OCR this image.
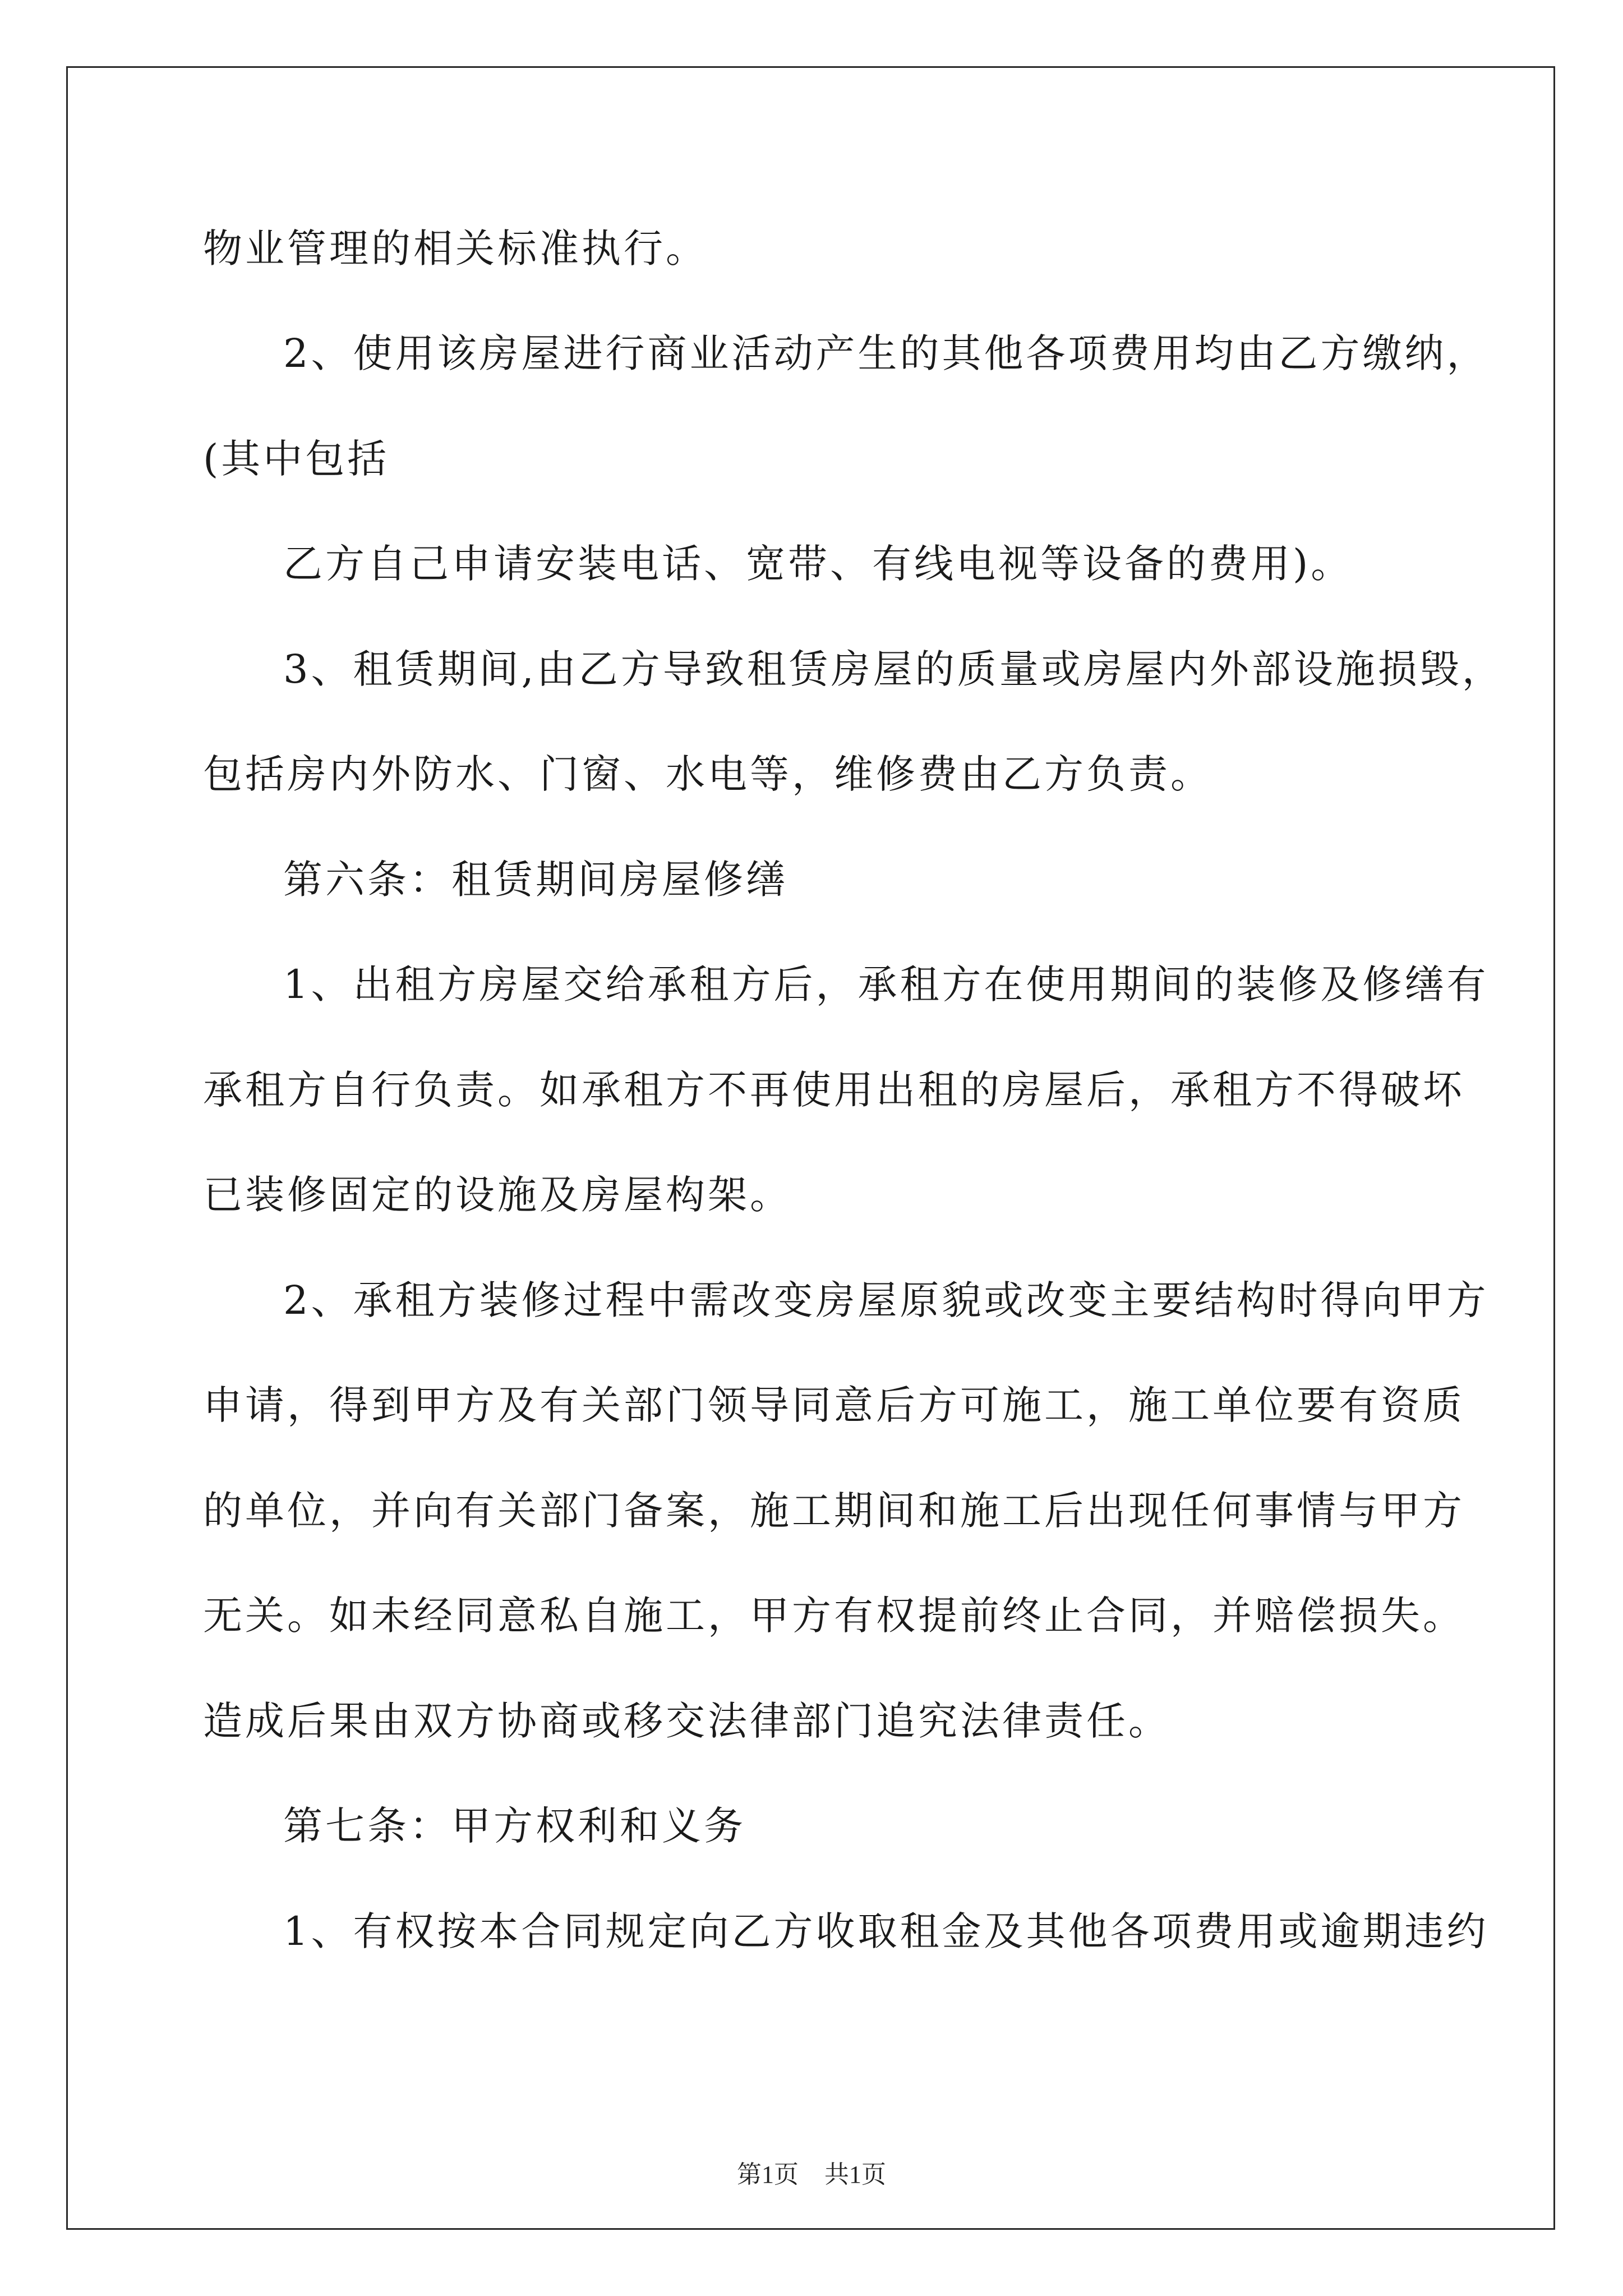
物业管理的相关标准执行。
2、使用该房屋进行商业活动产生的其他各项费用均由乙方缴纳，
(其中包括
乙方自己申请安装电话、宽带、有线电视等设备的费用)。
3、租赁期间,由乙方导致租赁房屋的质量或房屋内外部设施损毁，
包括房内外防水、门窗、水电等，维修费由乙方负责。
第六条：租赁期间房屋修缮
1、出租方房屋交给承租方后，承租方在使用期间的装修及修缮有
承租方自行负责。如承租方不再使用出租的房屋后，承租方不得破坏
已装修固定的设施及房屋构架。
2、承租方装修过程中需改变房屋原貌或改变主要结构时得向甲方
申请，得到甲方及有关部门领导同意后方可施工，施工单位要有资质
的单位，并向有关部门备案，施工期间和施工后出现任何事情与甲方
无关。如未经同意私自施工，甲方有权提前终止合同，并赔偿损失。
造成后果由双方协商或移交法律部门追究法律责任。
第七条：甲方权利和义务
1、有权按本合同规定向乙方收取租金及其他各项费用或逾期违约
第1页 共1页
